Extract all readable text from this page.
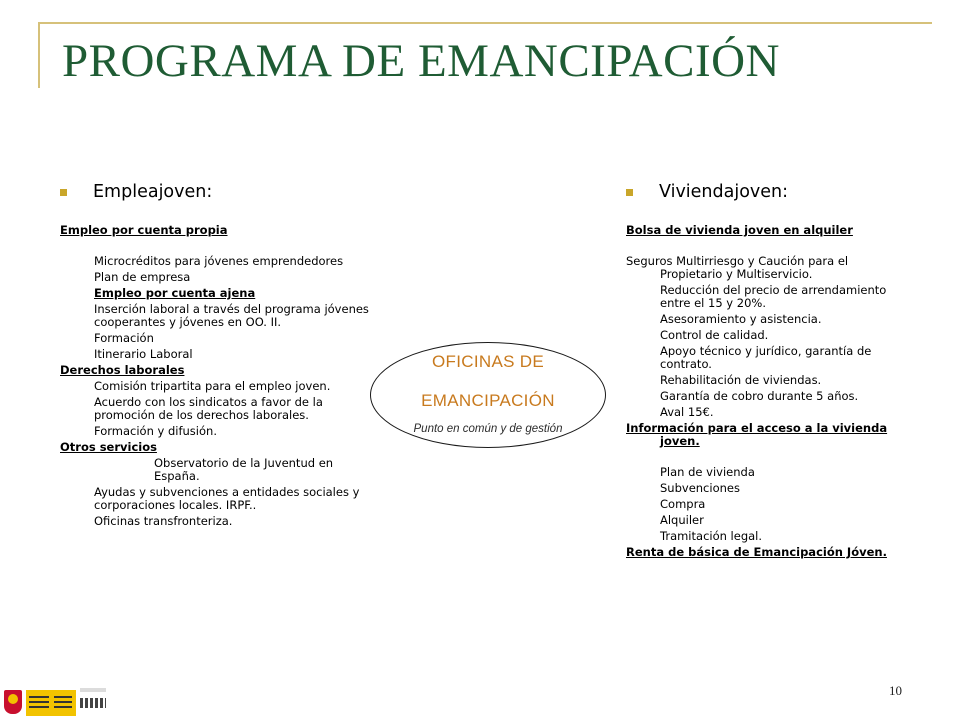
PROGRAMA DE EMANCIPACIÓN
Empleajoven:
Empleo por cuenta propia
Microcréditos para jóvenes emprendedores
Plan de empresa
Empleo por cuenta ajena
Inserción laboral a través del programa jóvenes cooperantes y jóvenes en OO. II.
Formación
Itinerario Laboral
Derechos laborales
Comisión tripartita para el empleo joven.
Acuerdo con los sindicatos a favor de la promoción de los derechos laborales.
Formación y difusión.
Otros servicios
Observatorio de la Juventud en España.
Ayudas y subvenciones a entidades sociales y corporaciones locales. IRPF..
Oficinas transfronteriza.
OFICINAS DE
EMANCIPACIÓN
Punto en común y de gestión
Viviendajoven:
Bolsa de vivienda joven en alquiler
Seguros Multirriesgo y Caución para el Propietario y Multiservicio.
Reducción del precio de arrendamiento entre el 15 y 20%.
Asesoramiento y asistencia.
Control de calidad.
Apoyo técnico y jurídico, garantía de contrato.
Rehabilitación de viviendas.
Garantía de cobro durante 5 años.
Aval 15€.
Información para el acceso a la vivienda joven.
Plan de vivienda
Subvenciones
Compra
Alquiler
Tramitación legal.
Renta de básica de Emancipación Jóven.
10
